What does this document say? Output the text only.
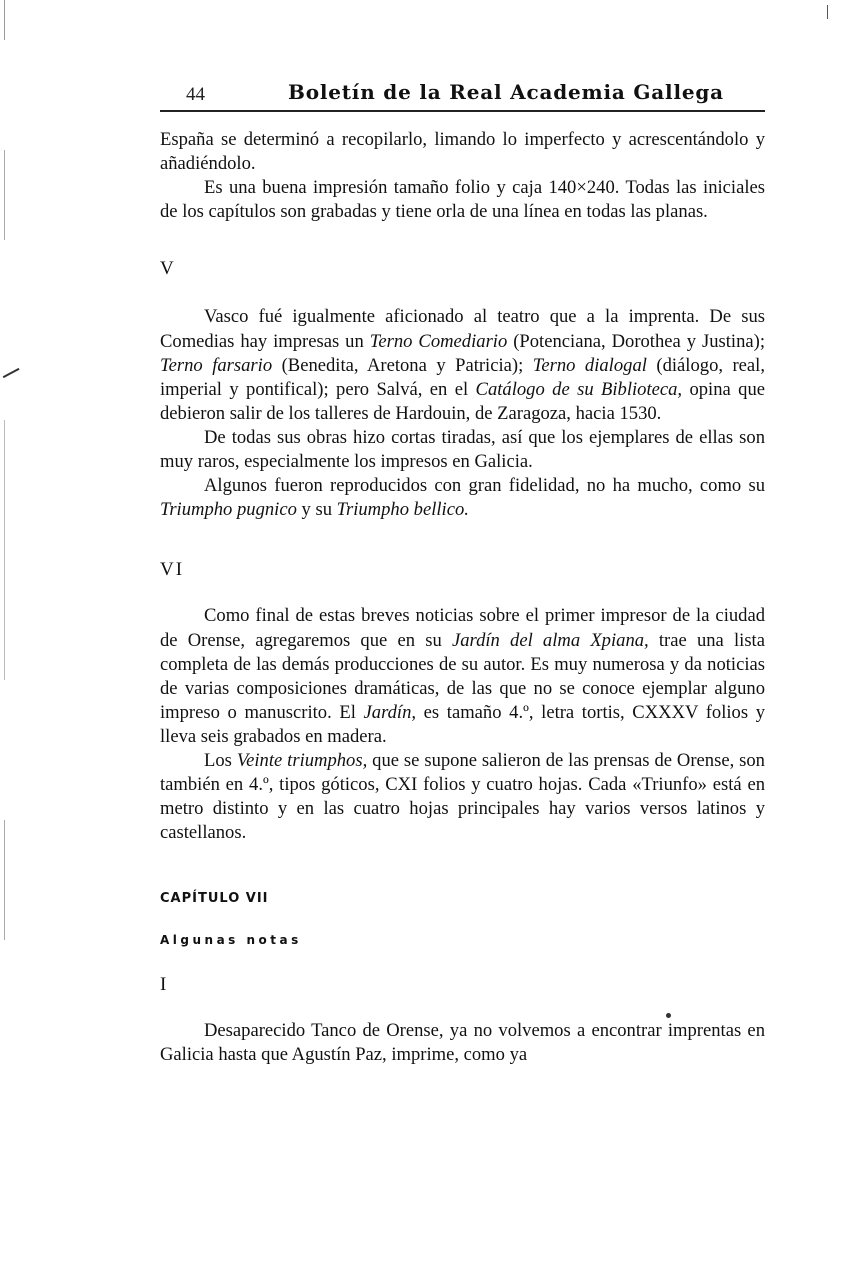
44	Boletín de la Real Academia Gallega

España se determinó a recopilarlo, limando lo imperfecto y acrescentándolo y añadiéndolo.

Es una buena impresión tamaño folio y caja 140×240. Todas las iniciales de los capítulos son grabadas y tiene orla de una línea en todas las planas.

V

Vasco fué igualmente aficionado al teatro que a la imprenta. De sus Comedias hay impresas un Terno Comediario (Potenciana, Dorothea y Justina); Terno farsario (Benedita, Aretona y Patricia); Terno dialogal (diálogo, real, imperial y pontifical); pero Salvá, en el Catálogo de su Biblioteca, opina que debieron salir de los talleres de Hardouin, de Zaragoza, hacia 1530.

De todas sus obras hizo cortas tiradas, así que los ejemplares de ellas son muy raros, especialmente los impresos en Galicia.

Algunos fueron reproducidos con gran fidelidad, no ha mucho, como su Triumpho pugnico y su Triumpho bellico.

VI

Como final de estas breves noticias sobre el primer impresor de la ciudad de Orense, agregaremos que en su Jardín del alma Xpiana, trae una lista completa de las demás producciones de su autor. Es muy numerosa y da noticias de varias composiciones dramáticas, de las que no se conoce ejemplar alguno impreso o manuscrito. El Jardín, es tamaño 4.º, letra tortis, CXXXV folios y lleva seis grabados en madera.

Los Veinte triumphos, que se supone salieron de las prensas de Orense, son también en 4.º, tipos góticos, CXI folios y cuatro hojas. Cada «Triunfo» está en metro distinto y en las cuatro hojas principales hay varios versos latinos y castellanos.

CAPÍTULO VII

Algunas notas

I

Desaparecido Tanco de Orense, ya no volvemos a encontrar imprentas en Galicia hasta que Agustín Paz, imprime, como ya
